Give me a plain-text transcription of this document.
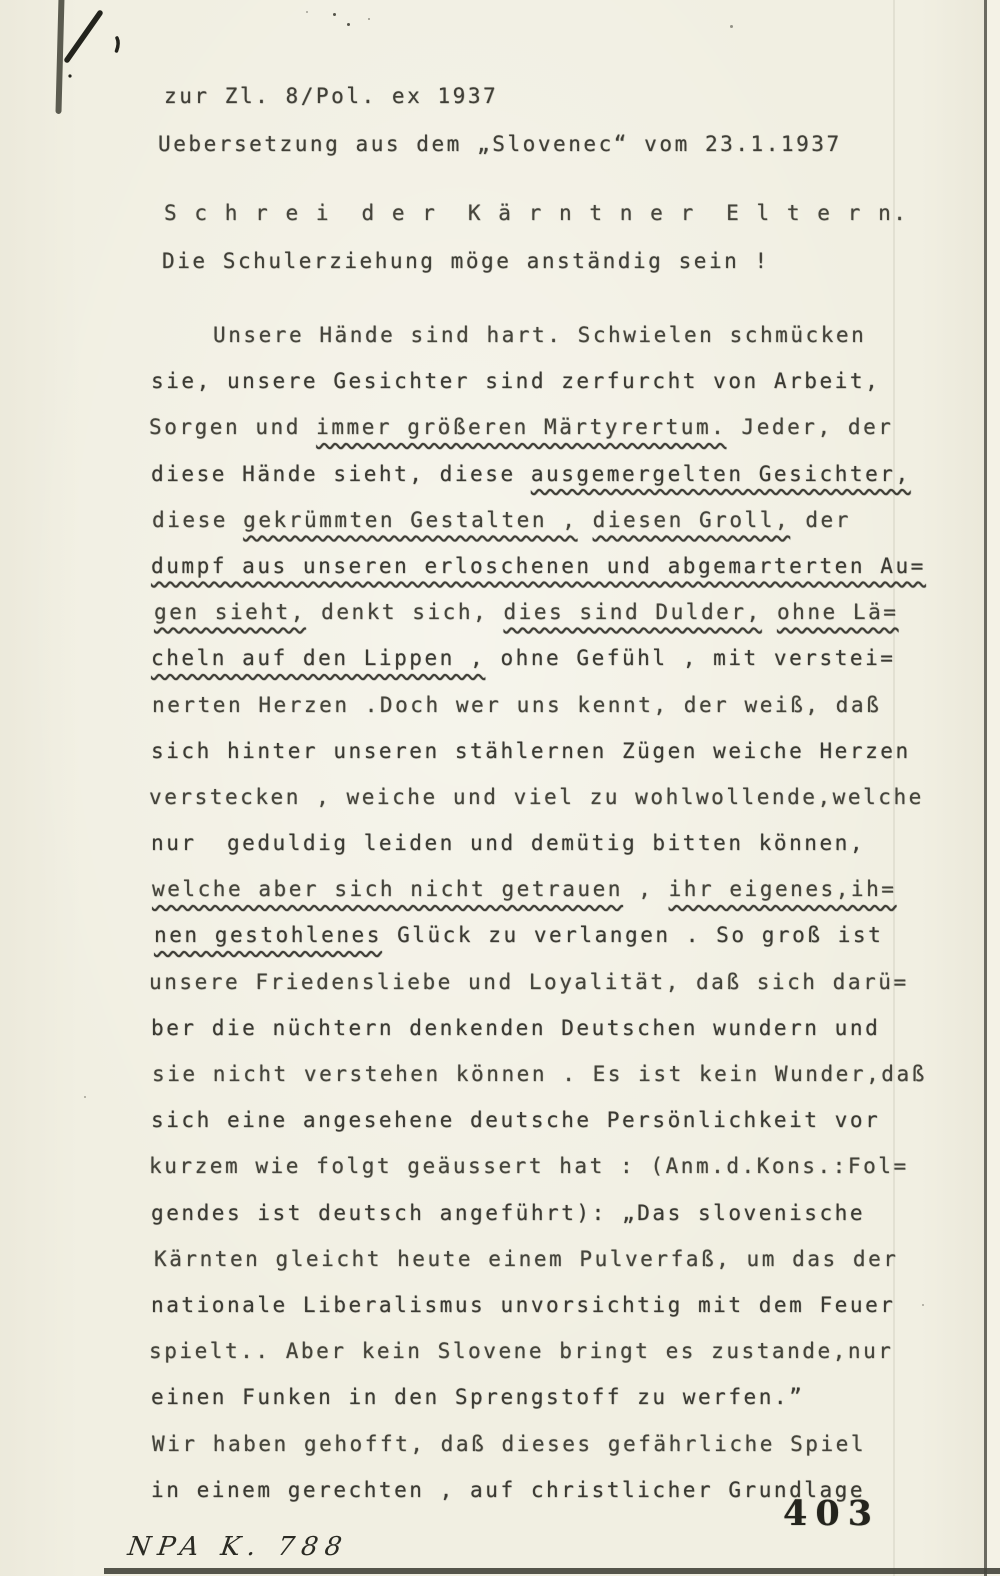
zur Zl. 8/Pol. ex 1937
Uebersetzung aus dem „Slovenec“ vom 23.1.1937
S c h r e i  d e r  K ä r n t n e r  E l t e r n.
Die Schulerziehung möge anständig sein !
Unsere Hände sind hart. Schwielen schmücken
sie, unsere Gesichter sind zerfurcht von Arbeit,
Sorgen und immer größeren Märtyrertum. Jeder, der
diese Hände sieht, diese ausgemergelten Gesichter,
diese gekrümmten Gestalten , diesen Groll, der
dumpf aus unseren erloschenen und abgemarterten Au=
gen sieht, denkt sich, dies sind Dulder, ohne Lä=
cheln auf den Lippen , ohne Gefühl , mit verstei=
nerten Herzen .Doch wer uns kennt, der weiß, daß
sich hinter unseren stählernen Zügen weiche Herzen
verstecken , weiche und viel zu wohlwollende,welche
nur  geduldig leiden und demütig bitten können,
welche aber sich nicht getrauen , ihr eigenes,ih=
nen gestohlenes Glück zu verlangen . So groß ist
unsere Friedensliebe und Loyalität, daß sich darü=
ber die nüchtern denkenden Deutschen wundern und
sie nicht verstehen können . Es ist kein Wunder,daß
sich eine angesehene deutsche Persönlichkeit vor
kurzem wie folgt geäussert hat : (Anm.d.Kons.:Fol=
gendes ist deutsch angeführt): „Das slovenische
Kärnten gleicht heute einem Pulverfaß, um das der
nationale Liberalismus unvorsichtig mit dem Feuer
spielt.. Aber kein Slovene bringt es zustande,nur
einen Funken in den Sprengstoff zu werfen.”
Wir haben gehofft, daß dieses gefährliche Spiel
in einem gerechten , auf christlicher Grundlage
403
NPA K. 788
